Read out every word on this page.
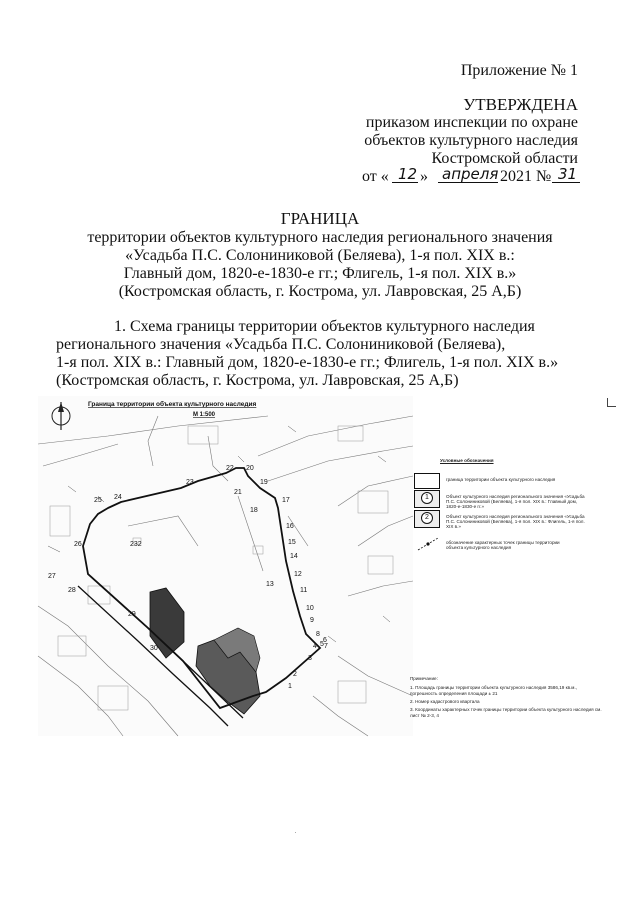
Приложение № 1
УТВЕРЖДЕНА
приказом инспекции по охране
объектов культурного наследия
Костромской области
от « 12 » апреля 2021 № 31
ГРАНИЦА
территории объектов культурного наследия регионального значения
«Усадьба П.С. Солониниковой (Беляева), 1-я пол. XIX в.:
Главный дом, 1820-е-1830-е гг.; Флигель, 1-я пол. XIX в.»
(Костромская область, г. Кострома, ул. Лавровская, 25 А,Б)
1. Схема границы территории объектов культурного наследия
регионального значения «Усадьба П.С. Солониниковой (Беляева),
1-я пол. XIX в.: Главный дом, 1820-е-1830-е гг.; Флигель, 1-я пол. XIX в.»
(Костромская область, г. Кострома, ул. Лавровская, 25 А,Б)
232
Граница территории объекта культурного наследия
М 1:500
1
2
3
4 5
6
7
8
9
10
11
12
13
14
15
16
17
18
19
20
21
22
23
24
25
26
27
28
29
30
Условные обозначения
граница территории объекта культурного наследия
1	Объект культурного наследия регионального значения «Усадьба П.С. Солониниковой (Беляева), 1-я пол. XIX в.: Главный дом, 1820-е-1830-е гг.»
2	Объект культурного наследия регионального значения «Усадьба П.С. Солониниковой (Беляева), 1-я пол. XIX в.: Флигель, 1-я пол. XIX в.»
обозначение характерных точек границы территории объекта культурного наследия
Примечание:
1. Площадь границы территории объекта культурного наследия 3586,19 кв.м.,
погрешность определения площади ± 21
2. Номер кадастрового квартала
3. Координаты характерных точек границы территории объекта культурного наследия см.
лист № 2-3, 4
